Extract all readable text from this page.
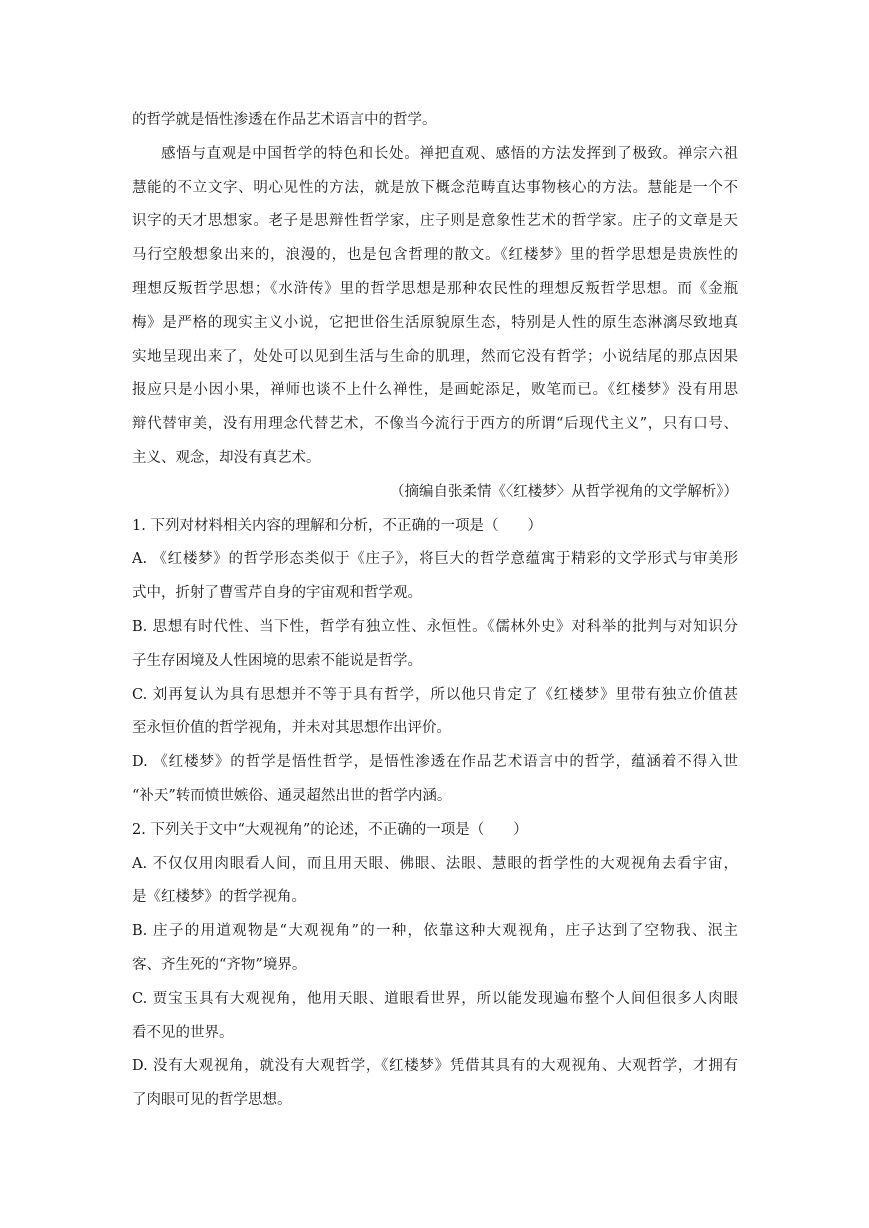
的哲学就是悟性渗透在作品艺术语言中的哲学。
感悟与直观是中国哲学的特色和长处。禅把直观、感悟的方法发挥到了极致。禅宗六祖
慧能的不立文字、明心见性的方法，就是放下概念范畴直达事物核心的方法。慧能是一个不
识字的天才思想家。老子是思辩性哲学家，庄子则是意象性艺术的哲学家。庄子的文章是天
马行空般想象出来的，浪漫的，也是包含哲理的散文。《红楼梦》里的哲学思想是贵族性的
理想反叛哲学思想；《水浒传》里的哲学思想是那种农民性的理想反叛哲学思想。而《金瓶
梅》是严格的现实主义小说，它把世俗生活原貌原生态，特别是人性的原生态淋漓尽致地真
实地呈现出来了，处处可以见到生活与生命的肌理，然而它没有哲学；小说结尾的那点因果
报应只是小因小果，禅师也谈不上什么禅性，是画蛇添足，败笔而已。《红楼梦》没有用思
辩代替审美，没有用理念代替艺术，不像当今流行于西方的所谓“后现代主义”，只有口号、
主义、观念，却没有真艺术。
（摘编自张柔情《〈红楼梦〉从哲学视角的文学解析》）
1. 下列对材料相关内容的理解和分析，不正确的一项是（　　）
A. 《红楼梦》的哲学形态类似于《庄子》，将巨大的哲学意蕴寓于精彩的文学形式与审美形
式中，折射了曹雪芹自身的宇宙观和哲学观。
B. 思想有时代性、当下性，哲学有独立性、永恒性。《儒林外史》对科举的批判与对知识分
子生存困境及人性困境的思索不能说是哲学。
C. 刘再复认为具有思想并不等于具有哲学，所以他只肯定了《红楼梦》里带有独立价值甚
至永恒价值的哲学视角，并未对其思想作出评价。
D. 《红楼梦》的哲学是悟性哲学，是悟性渗透在作品艺术语言中的哲学，蕴涵着不得入世
“补天”转而愤世嫉俗、通灵超然出世的哲学内涵。
2. 下列关于文中“大观视角”的论述，不正确的一项是（　　）
A. 不仅仅用肉眼看人间，而且用天眼、佛眼、法眼、慧眼的哲学性的大观视角去看宇宙，
是《红楼梦》的哲学视角。
B. 庄子的用道观物是“大观视角”的一种，依靠这种大观视角，庄子达到了空物我、泯主
客、齐生死的“齐物”境界。
C. 贾宝玉具有大观视角，他用天眼、道眼看世界，所以能发现遍布整个人间但很多人肉眼
看不见的世界。
D. 没有大观视角，就没有大观哲学，《红楼梦》凭借其具有的大观视角、大观哲学，才拥有
了肉眼可见的哲学思想。
